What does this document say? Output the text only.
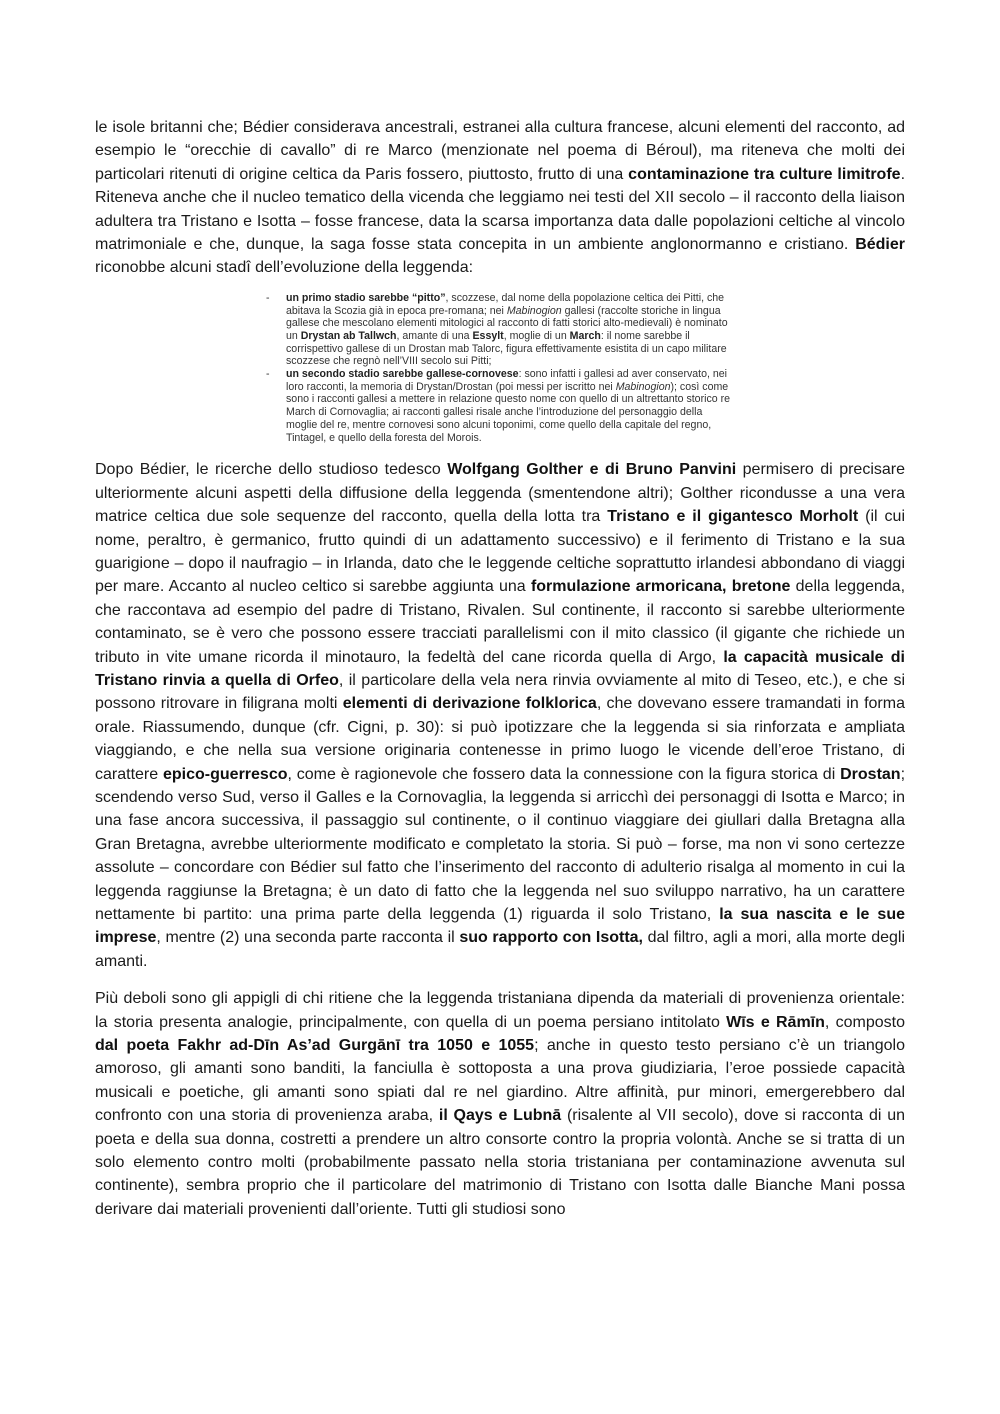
le isole britanni che; Bédier considerava ancestrali, estranei alla cultura francese, alcuni elementi del racconto, ad esempio le “orecchie di cavallo” di re Marco (menzionate nel poema di Béroul), ma riteneva che molti dei particolari ritenuti di origine celtica da Paris fossero, piuttosto, frutto di una contaminazione tra culture limitrofe. Riteneva anche che il nucleo tematico della vicenda che leggiamo nei testi del XII secolo – il racconto della liaison adultera tra Tristano e Isotta – fosse francese, data la scarsa importanza data dalle popolazioni celtiche al vincolo matrimoniale e che, dunque, la saga fosse stata concepita in un ambiente anglonormanno e cristiano. Bédier riconobbe alcuni stadî dell’evoluzione della leggenda:

- un primo stadio sarebbe “pitto”, scozzese, dal nome della popolazione celtica dei Pitti, che abitava la Scozia già in epoca pre-romana; nei Mabinogion gallesi (raccolte storiche in lingua gallese che mescolano elementi mitologici al racconto di fatti storici alto-medievali) è nominato un Drystan ab Tallwch, amante di una Essylt, moglie di un March: il nome sarebbe il corrispettivo gallese di un Drostan mab Talorc, figura effettivamente esistita di un capo militare scozzese che regnò nell’VIII secolo sui Pitti;
- un secondo stadio sarebbe gallese-cornovese: sono infatti i gallesi ad aver conservato, nei loro racconti, la memoria di Drystan/Drostan (poi messi per iscritto nei Mabinogion); così come sono i racconti gallesi a mettere in relazione questo nome con quello di un altrettanto storico re March di Cornovaglia; ai racconti gallesi risale anche l’introduzione del personaggio della moglie del re, mentre cornovesi sono alcuni toponimi, come quello della capitale del regno, Tintagel, e quello della foresta del Morois.

Dopo Bédier, le ricerche dello studioso tedesco Wolfgang Golther e di Bruno Panvini permisero di precisare ulteriormente alcuni aspetti della diffusione della leggenda (smentendone altri); Golther ricondusse a una vera matrice celtica due sole sequenze del racconto, quella della lotta tra Tristano e il gigantesco Morholt (il cui nome, peraltro, è germanico, frutto quindi di un adattamento successivo) e il ferimento di Tristano e la sua guarigione – dopo il naufragio – in Irlanda, dato che le leggende celtiche soprattutto irlandesi abbondano di viaggi per mare. Accanto al nucleo celtico si sarebbe aggiunta una formulazione armoricana, bretone della leggenda, che raccontava ad esempio del padre di Tristano, Rivalen. Sul continente, il racconto si sarebbe ulteriormente contaminato, se è vero che possono essere tracciati parallelismi con il mito classico (il gigante che richiede un tributo in vite umane ricorda il minotauro, la fedeltà del cane ricorda quella di Argo, la capacità musicale di Tristano rinvia a quella di Orfeo, il particolare della vela nera rinvia ovviamente al mito di Teseo, etc.), e che si possono ritrovare in filigrana molti elementi di derivazione folklorica, che dovevano essere tramandati in forma orale. Riassumendo, dunque (cfr. Cigni, p. 30): si può ipotizzare che la leggenda si sia rinforzata e ampliata viaggiando, e che nella sua versione originaria contenesse in primo luogo le vicende dell’eroe Tristano, di carattere epico-guerresco, come è ragionevole che fossero data la connessione con la figura storica di Drostan; scendendo verso Sud, verso il Galles e la Cornovaglia, la leggenda si arricchì dei personaggi di Isotta e Marco; in una fase ancora successiva, il passaggio sul continente, o il continuo viaggiare dei giullari dalla Bretagna alla Gran Bretagna, avrebbe ulteriormente modificato e completato la storia. Si può – forse, ma non vi sono certezze assolute – concordare con Bédier sul fatto che l’inserimento del racconto di adulterio risalga al momento in cui la leggenda raggiunse la Bretagna; è un dato di fatto che la leggenda nel suo sviluppo narrativo, ha un carattere nettamente bi partito: una prima parte della leggenda (1) riguarda il solo Tristano, la sua nascita e le sue imprese, mentre (2) una seconda parte racconta il suo rapporto con Isotta, dal filtro, agli a mori, alla morte degli amanti.

Più deboli sono gli appigli di chi ritiene che la leggenda tristaniana dipenda da materiali di provenienza orientale: la storia presenta analogie, principalmente, con quella di un poema persiano intitolato Wīs e Rāmīn, composto dal poeta Fakhr ad-Dīn As’ad Gurgānī tra 1050 e 1055; anche in questo testo persiano c’è un triangolo amoroso, gli amanti sono banditi, la fanciulla è sottoposta a una prova giudiziaria, l’eroe possiede capacità musicali e poetiche, gli amanti sono spiati dal re nel giardino. Altre affinità, pur minori, emergerebbero dal confronto con una storia di provenienza araba, il Qays e Lubnā (risalente al VII secolo), dove si racconta di un poeta e della sua donna, costretti a prendere un altro consorte contro la propria volontà. Anche se si tratta di un solo elemento contro molti (probabilmente passato nella storia tristaniana per contaminazione avvenuta sul continente), sembra proprio che il particolare del matrimonio di Tristano con Isotta dalle Bianche Mani possa derivare dai materiali provenienti dall’oriente. Tutti gli studiosi sono
